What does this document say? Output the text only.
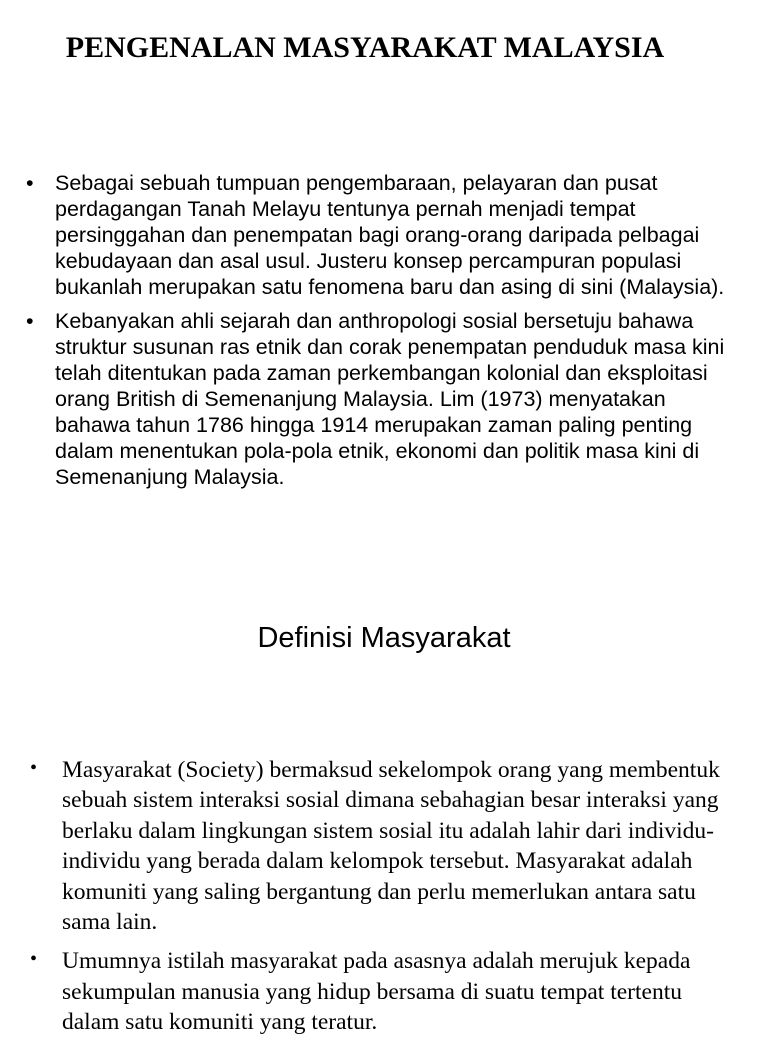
PENGENALAN MASYARAKAT MALAYSIA
• Sebagai sebuah tumpuan pengembaraan, pelayaran dan pusat perdagangan Tanah Melayu tentunya pernah menjadi tempat persinggahan dan penempatan bagi orang-orang daripada pelbagai kebudayaan dan asal usul. Justeru konsep percampuran populasi bukanlah merupakan satu fenomena baru dan asing di sini (Malaysia).
• Kebanyakan ahli sejarah dan anthropologi sosial bersetuju bahawa struktur susunan ras etnik dan corak penempatan penduduk masa kini telah ditentukan pada zaman perkembangan kolonial dan eksploitasi orang British di Semenanjung Malaysia. Lim (1973) menyatakan bahawa tahun 1786 hingga 1914 merupakan zaman paling penting dalam menentukan pola-pola etnik, ekonomi dan politik masa kini di Semenanjung Malaysia.
Definisi Masyarakat
• Masyarakat (Society) bermaksud sekelompok orang yang membentuk sebuah sistem interaksi sosial dimana sebahagian besar interaksi yang berlaku dalam lingkungan sistem sosial itu adalah lahir dari individu-individu yang berada dalam kelompok tersebut. Masyarakat adalah komuniti yang saling bergantung dan perlu memerlukan antara satu sama lain.
• Umumnya istilah masyarakat pada asasnya adalah merujuk kepada sekumpulan manusia yang hidup bersama di suatu tempat tertentu dalam satu komuniti yang teratur.
